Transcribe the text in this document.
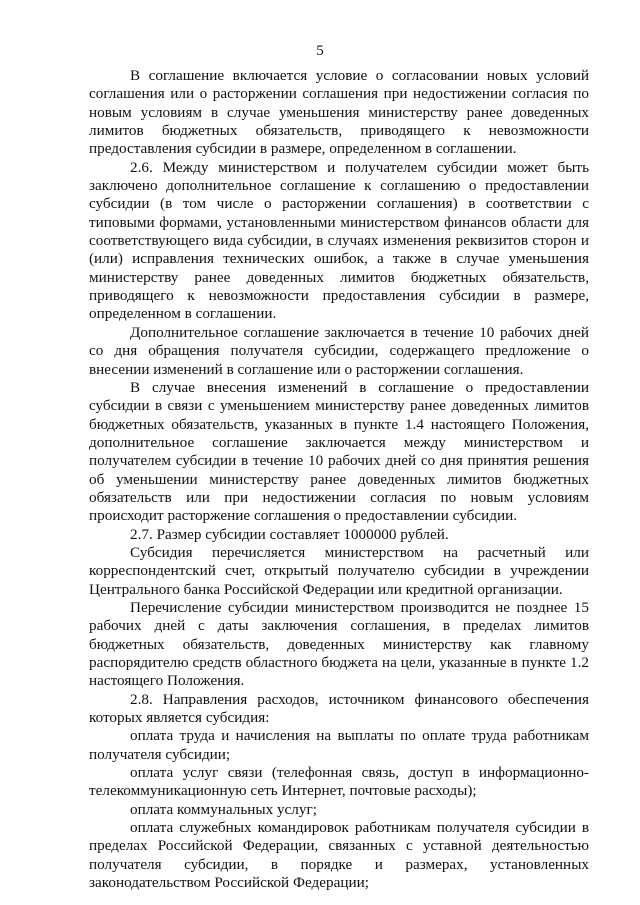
5

В соглашение включается условие о согласовании новых условий соглашения или о расторжении соглашения при недостижении согласия по новым условиям в случае уменьшения министерству ранее доведенных лимитов бюджетных обязательств, приводящего к невозможности предоставления субсидии в размере, определенном в соглашении.

2.6. Между министерством и получателем субсидии может быть заключено дополнительное соглашение к соглашению о предоставлении субсидии (в том числе о расторжении соглашения) в соответствии с типовыми формами, установленными министерством финансов области для соответствующего вида субсидии, в случаях изменения реквизитов сторон и (или) исправления технических ошибок, а также в случае уменьшения министерству ранее доведенных лимитов бюджетных обязательств, приводящего к невозможности предоставления субсидии в размере, определенном в соглашении.

Дополнительное соглашение заключается в течение 10 рабочих дней со дня обращения получателя субсидии, содержащего предложение о внесении изменений в соглашение или о расторжении соглашения.

В случае внесения изменений в соглашение о предоставлении субсидии в связи с уменьшением министерству ранее доведенных лимитов бюджетных обязательств, указанных в пункте 1.4 настоящего Положения, дополнительное соглашение заключается между министерством и получателем субсидии в течение 10 рабочих дней со дня принятия решения об уменьшении министерству ранее доведенных лимитов бюджетных обязательств или при недостижении согласия по новым условиям происходит расторжение соглашения о предоставлении субсидии.

2.7. Размер субсидии составляет 1000000 рублей.

Субсидия перечисляется министерством на расчетный или корреспондентский счет, открытый получателю субсидии в учреждении Центрального банка Российской Федерации или кредитной организации.

Перечисление субсидии министерством производится не позднее 15 рабочих дней с даты заключения соглашения, в пределах лимитов бюджетных обязательств, доведенных министерству как главному распорядителю средств областного бюджета на цели, указанные в пункте 1.2 настоящего Положения.

2.8. Направления расходов, источником финансового обеспечения которых является субсидия:

оплата труда и начисления на выплаты по оплате труда работникам получателя субсидии;

оплата услуг связи (телефонная связь, доступ в информационно-телекоммуникационную сеть Интернет, почтовые расходы);

оплата коммунальных услуг;

оплата служебных командировок работникам получателя субсидии в пределах Российской Федерации, связанных с уставной деятельностью получателя субсидии, в порядке и размерах, установленных законодательством Российской Федерации;
